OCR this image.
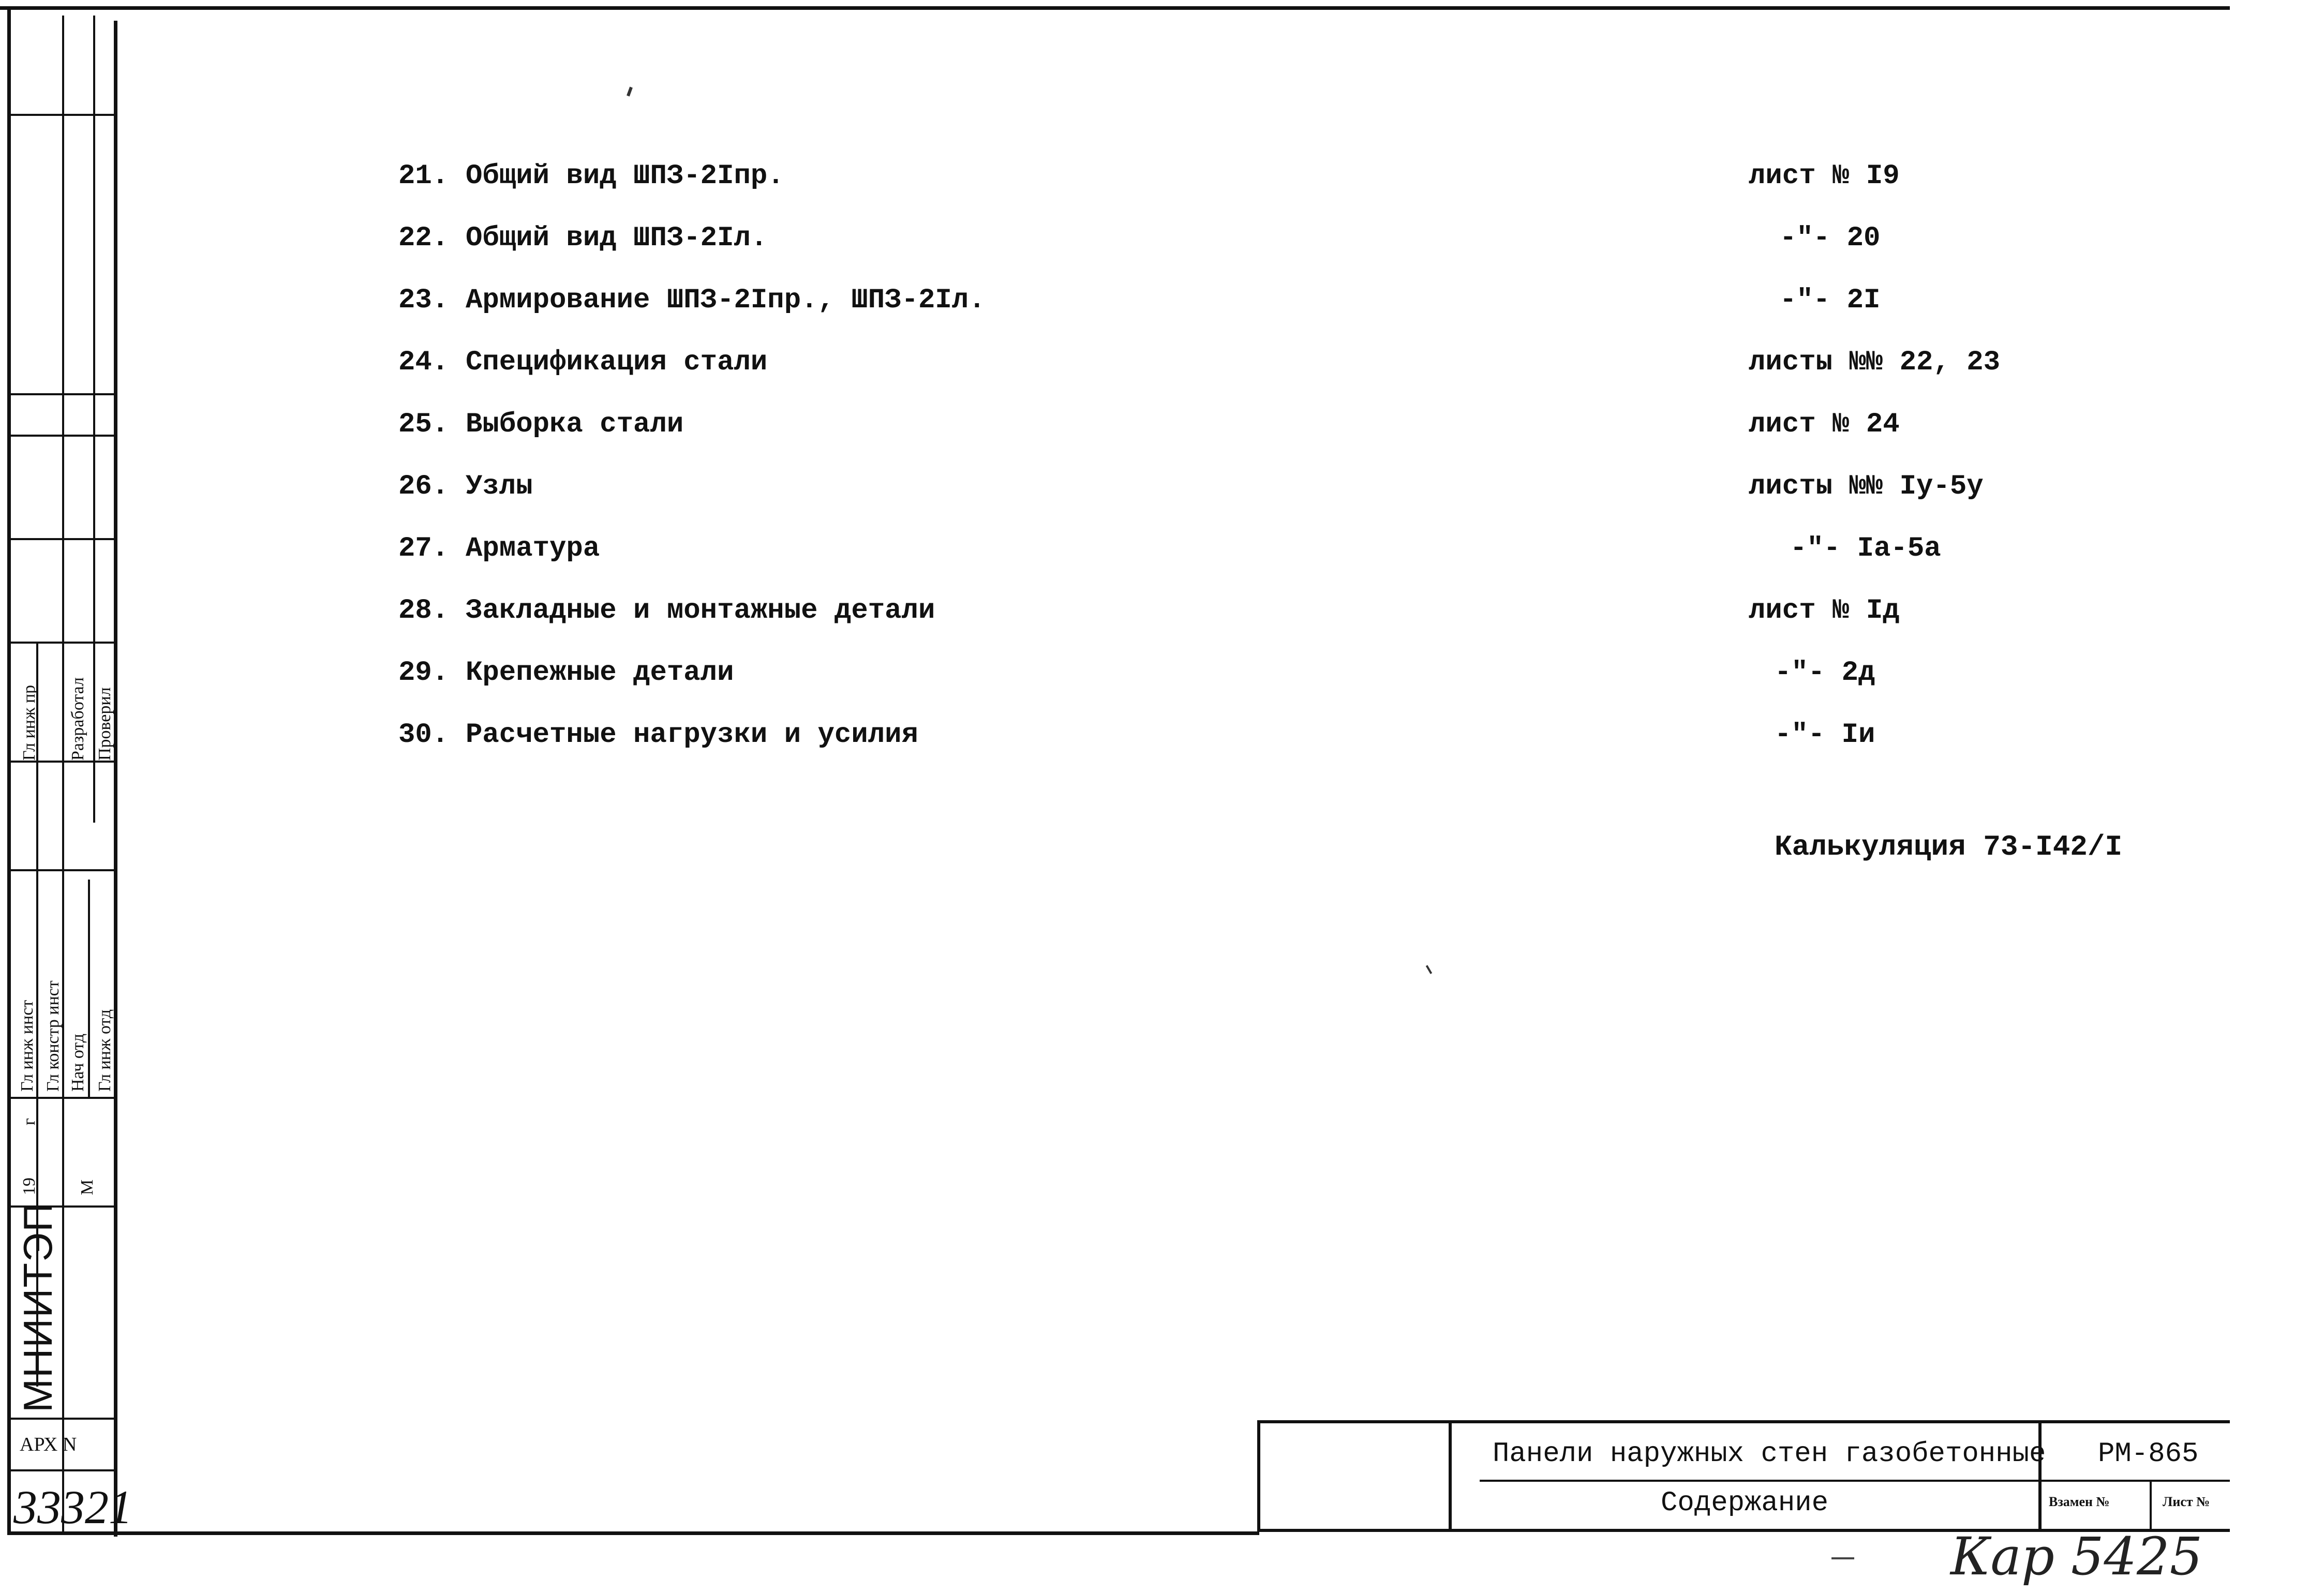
Гл инж пр Разработал Проверил
Гл инж инст Гл констр инст Нач отд Гл инж отд
г
19 М
МНИИТЭП
АРХ N
33321
21. Общий вид ШПЗ-2Iпр.	лист № I9
22. Общий вид ШПЗ-2Iл.	-"- 20
23. Армирование ШПЗ-2Iпр., ШПЗ-2Iл.	-"- 2I
24. Спецификация стали	листы №№ 22, 23
25. Выборка стали	лист № 24
26. Узлы	листы №№ Iу-5у
27. Арматура	-"- Iа-5а
28. Закладные и монтажные детали	лист № Iд
29. Крепежные детали	-"- 2д
30. Расчетные нагрузки и усилия	-"- Iи
Калькуляция 73-I42/I
Панели наружных стен газобетонные
Содержание
РМ-865
Взамен №	Лист №
Кар 5425
